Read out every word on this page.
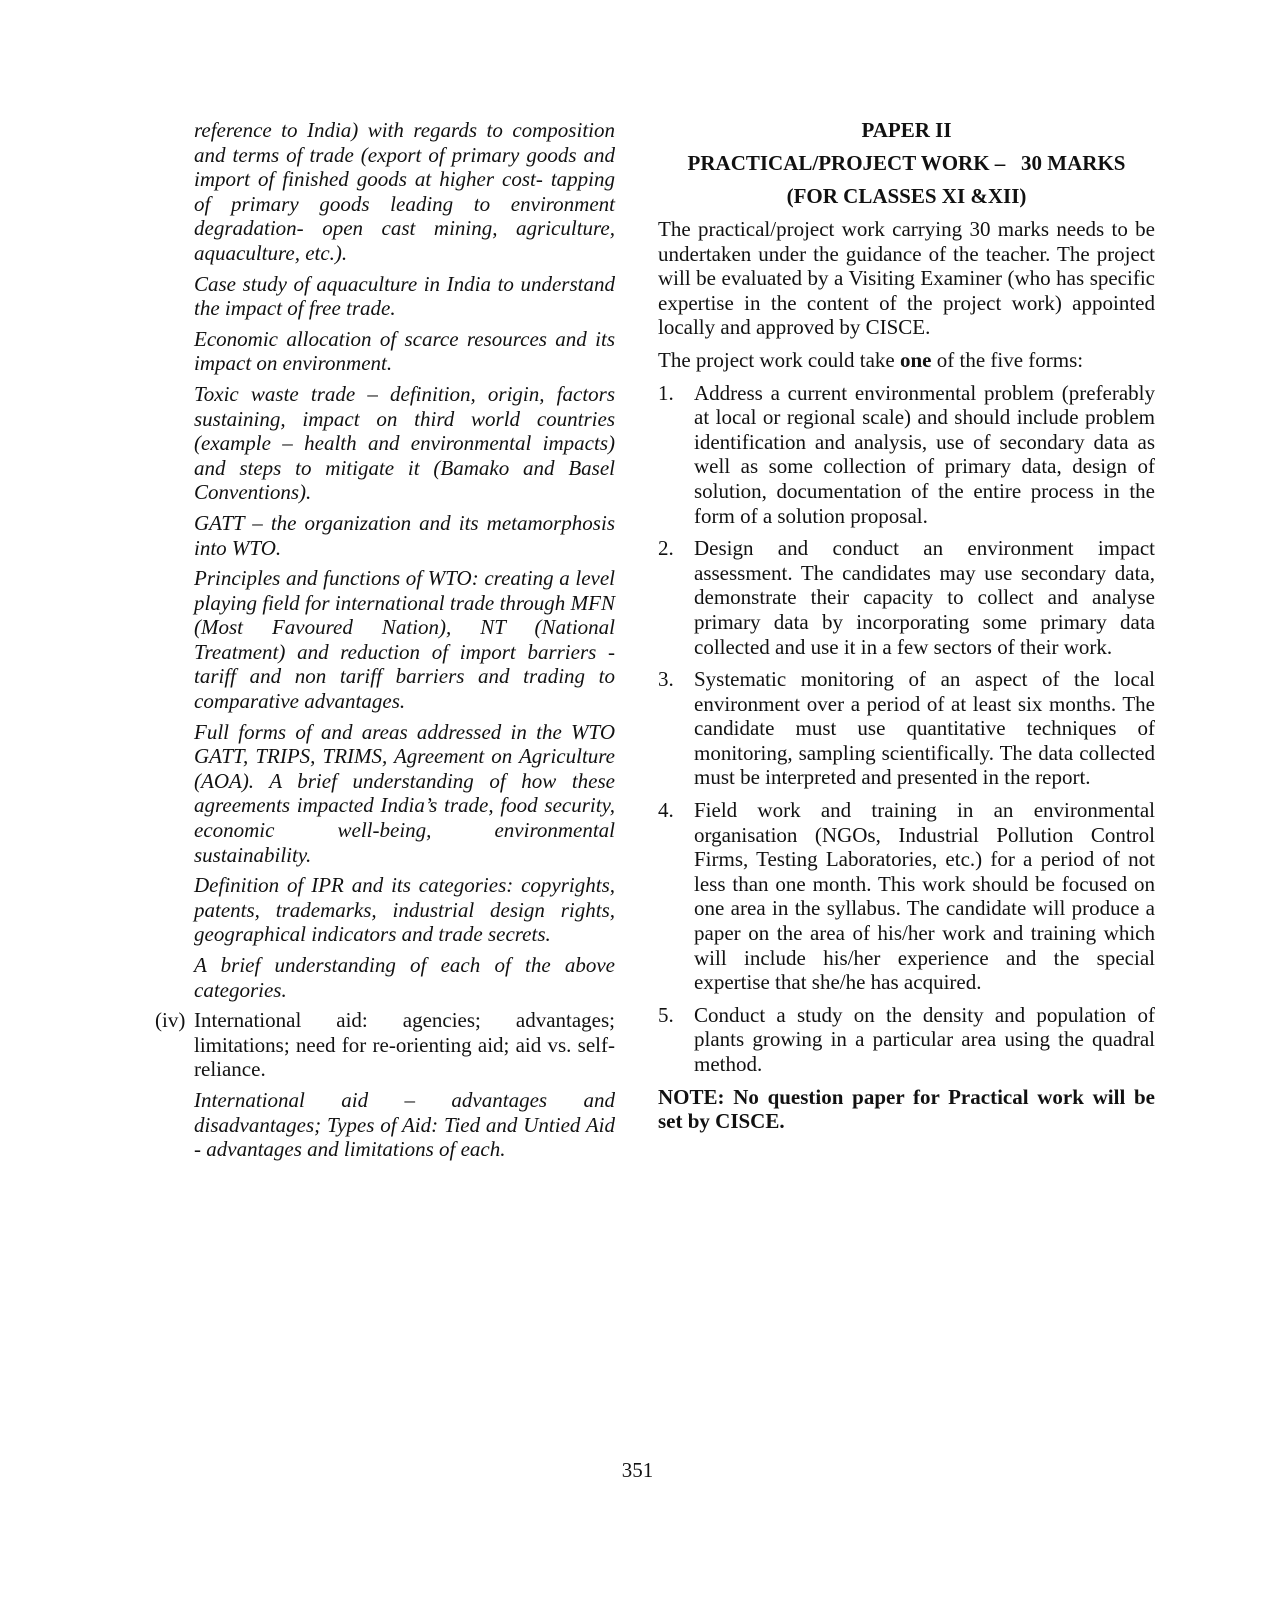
reference to India) with regards to composition and terms of trade (export of primary goods and import of finished goods at higher cost- tapping of primary goods leading to environment degradation- open cast mining, agriculture, aquaculture, etc.).

Case study of aquaculture in India to understand the impact of free trade.

Economic allocation of scarce resources and its impact on environment.

Toxic waste trade – definition, origin, factors sustaining, impact on third world countries (example – health and environmental impacts) and steps to mitigate it (Bamako and Basel Conventions).

GATT – the organization and its metamorphosis into WTO.

Principles and functions of WTO: creating a level playing field for international trade through MFN (Most Favoured Nation), NT (National Treatment) and reduction of import barriers - tariff and non tariff barriers and trading to comparative advantages.

Full forms of and areas addressed in the WTO GATT, TRIPS, TRIMS, Agreement on Agriculture (AOA). A brief understanding of how these agreements impacted India’s trade, food security, economic well-being, environmental sustainability.

Definition of IPR and its categories: copyrights, patents, trademarks, industrial design rights, geographical indicators and trade secrets.

A brief understanding of each of the above categories.

(iv) International aid: agencies; advantages; limitations; need for re-orienting aid; aid vs. self-reliance.

International aid – advantages and disadvantages; Types of Aid: Tied and Untied Aid - advantages and limitations of each.

PAPER II
PRACTICAL/PROJECT WORK –   30 MARKS
(FOR CLASSES XI &XII)

The practical/project work carrying 30 marks needs to be undertaken under the guidance of the teacher. The project will be evaluated by a Visiting Examiner (who has specific expertise in the content of the project work) appointed locally and approved by CISCE.

The project work could take one of the five forms:

1. Address a current environmental problem (preferably at local or regional scale) and should include problem identification and analysis, use of secondary data as well as some collection of primary data, design of solution, documentation of the entire process in the form of a solution proposal.
2. Design and conduct an environment impact assessment. The candidates may use secondary data, demonstrate their capacity to collect and analyse primary data by incorporating some primary data collected and use it in a few sectors of their work.
3. Systematic monitoring of an aspect of the local environment over a period of at least six months. The candidate must use quantitative techniques of monitoring, sampling scientifically. The data collected must be interpreted and presented in the report.
4. Field work and training in an environmental organisation (NGOs, Industrial Pollution Control Firms, Testing Laboratories, etc.) for a period of not less than one month. This work should be focused on one area in the syllabus. The candidate will produce a paper on the area of his/her work and training which will include his/her experience and the special expertise that she/he has acquired.
5. Conduct a study on the density and population of plants growing in a particular area using the quadral method.

NOTE: No question paper for Practical work will be set by CISCE.

351
